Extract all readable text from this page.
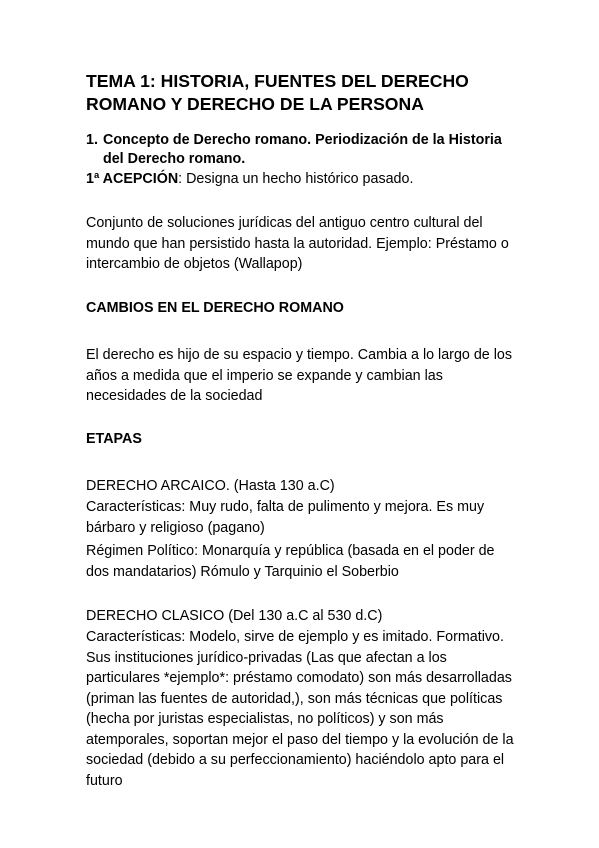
TEMA 1: HISTORIA, FUENTES DEL DERECHO ROMANO Y DERECHO DE LA PERSONA
1. Concepto de Derecho romano. Periodización de la Historia del Derecho romano.
1ª ACEPCIÓN: Designa un hecho histórico pasado.
Conjunto de soluciones jurídicas del antiguo centro cultural del mundo que han persistido hasta la autoridad. Ejemplo: Préstamo o intercambio de objetos (Wallapop)
CAMBIOS EN EL DERECHO ROMANO
El derecho es hijo de su espacio y tiempo. Cambia a lo largo de los años a medida que el imperio se expande y cambian las necesidades de la sociedad
ETAPAS
DERECHO ARCAICO. (Hasta 130 a.C)
Características: Muy rudo, falta de pulimento y mejora. Es muy bárbaro y religioso (pagano)
Régimen Político: Monarquía y república (basada en el poder de dos mandatarios) Rómulo y Tarquinio el Soberbio
DERECHO CLASICO (Del 130 a.C al 530 d.C)
Características: Modelo, sirve de ejemplo y es imitado. Formativo. Sus instituciones jurídico-privadas (Las que afectan a los particulares *ejemplo*: préstamo comodato) son más desarrolladas (priman las fuentes de autoridad,), son más técnicas que políticas (hecha por juristas especialistas, no políticos) y son más atemporales, soportan mejor el paso del tiempo y la evolución de la sociedad (debido a su perfeccionamiento) haciéndolo apto para el futuro
